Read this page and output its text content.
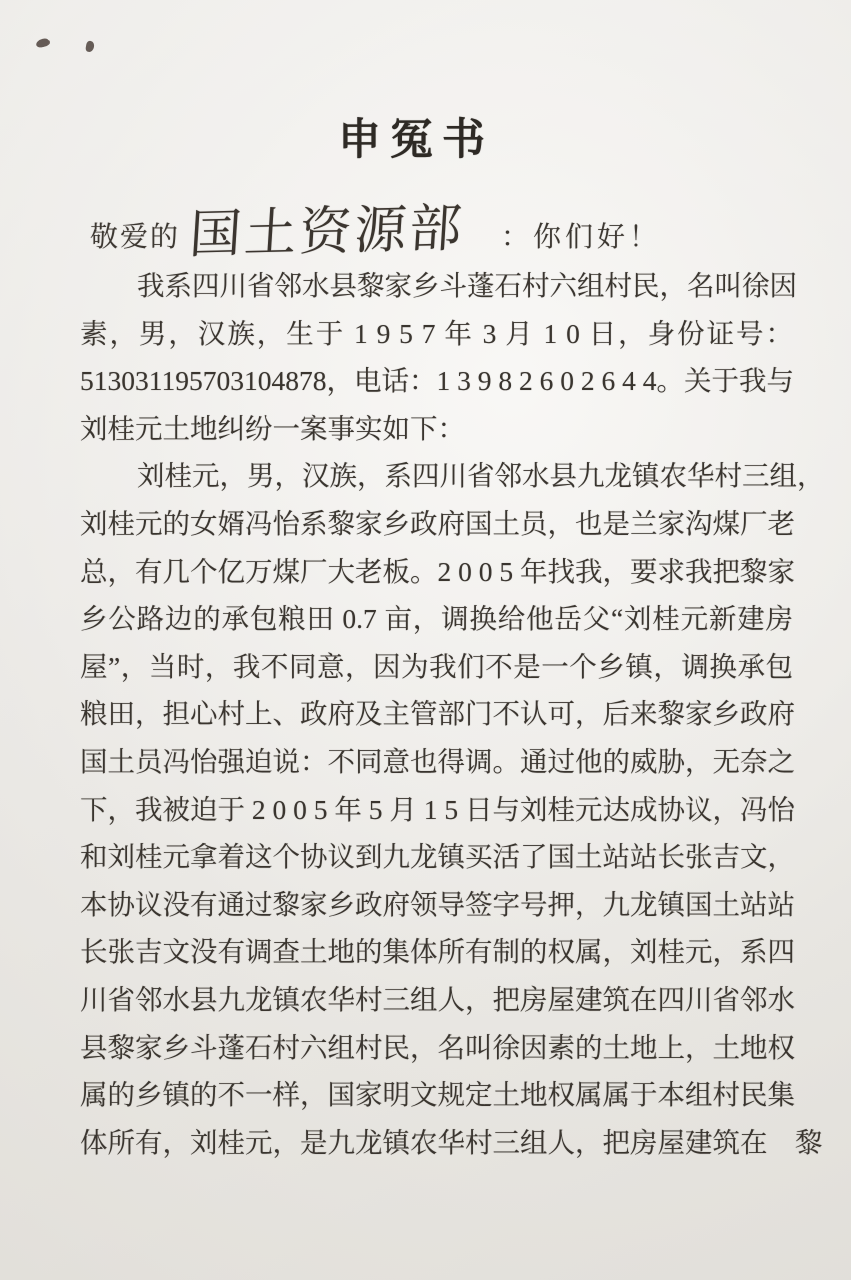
申冤书
敬爱的 国土资源部 ：你们好！
我系四川省邻水县黎家乡斗蓬石村六组村民，名叫徐因
素，男，汉族，生于 1 9 5 7 年 3 月 1 0 日，身份证号：
513031195703104878，电话：1 3 9 8 2 6 0 2 6 4 4。关于我与
刘桂元土地纠纷一案事实如下：
刘桂元，男，汉族，系四川省邻水县九龙镇农华村三组，
刘桂元的女婿冯怡系黎家乡政府国土员，也是兰家沟煤厂老
总，有几个亿万煤厂大老板。2 0 0 5 年找我，要求我把黎家
乡公路边的承包粮田 0.7 亩，调换给他岳父“刘桂元新建房
屋”，当时，我不同意，因为我们不是一个乡镇，调换承包
粮田，担心村上、政府及主管部门不认可，后来黎家乡政府
国土员冯怡强迫说：不同意也得调。通过他的威胁，无奈之
下，我被迫于 2 0 0 5 年 5 月 1 5 日与刘桂元达成协议，冯怡
和刘桂元拿着这个协议到九龙镇买活了国土站站长张吉文，
本协议没有通过黎家乡政府领导签字号押，九龙镇国土站站
长张吉文没有调查土地的集体所有制的权属，刘桂元，系四
川省邻水县九龙镇农华村三组人，把房屋建筑在四川省邻水
县黎家乡斗蓬石村六组村民，名叫徐因素的土地上，土地权
属的乡镇的不一样，国家明文规定土地权属属于本组村民集
体所有，刘桂元，是九龙镇农华村三组人，把房屋建筑在　黎
